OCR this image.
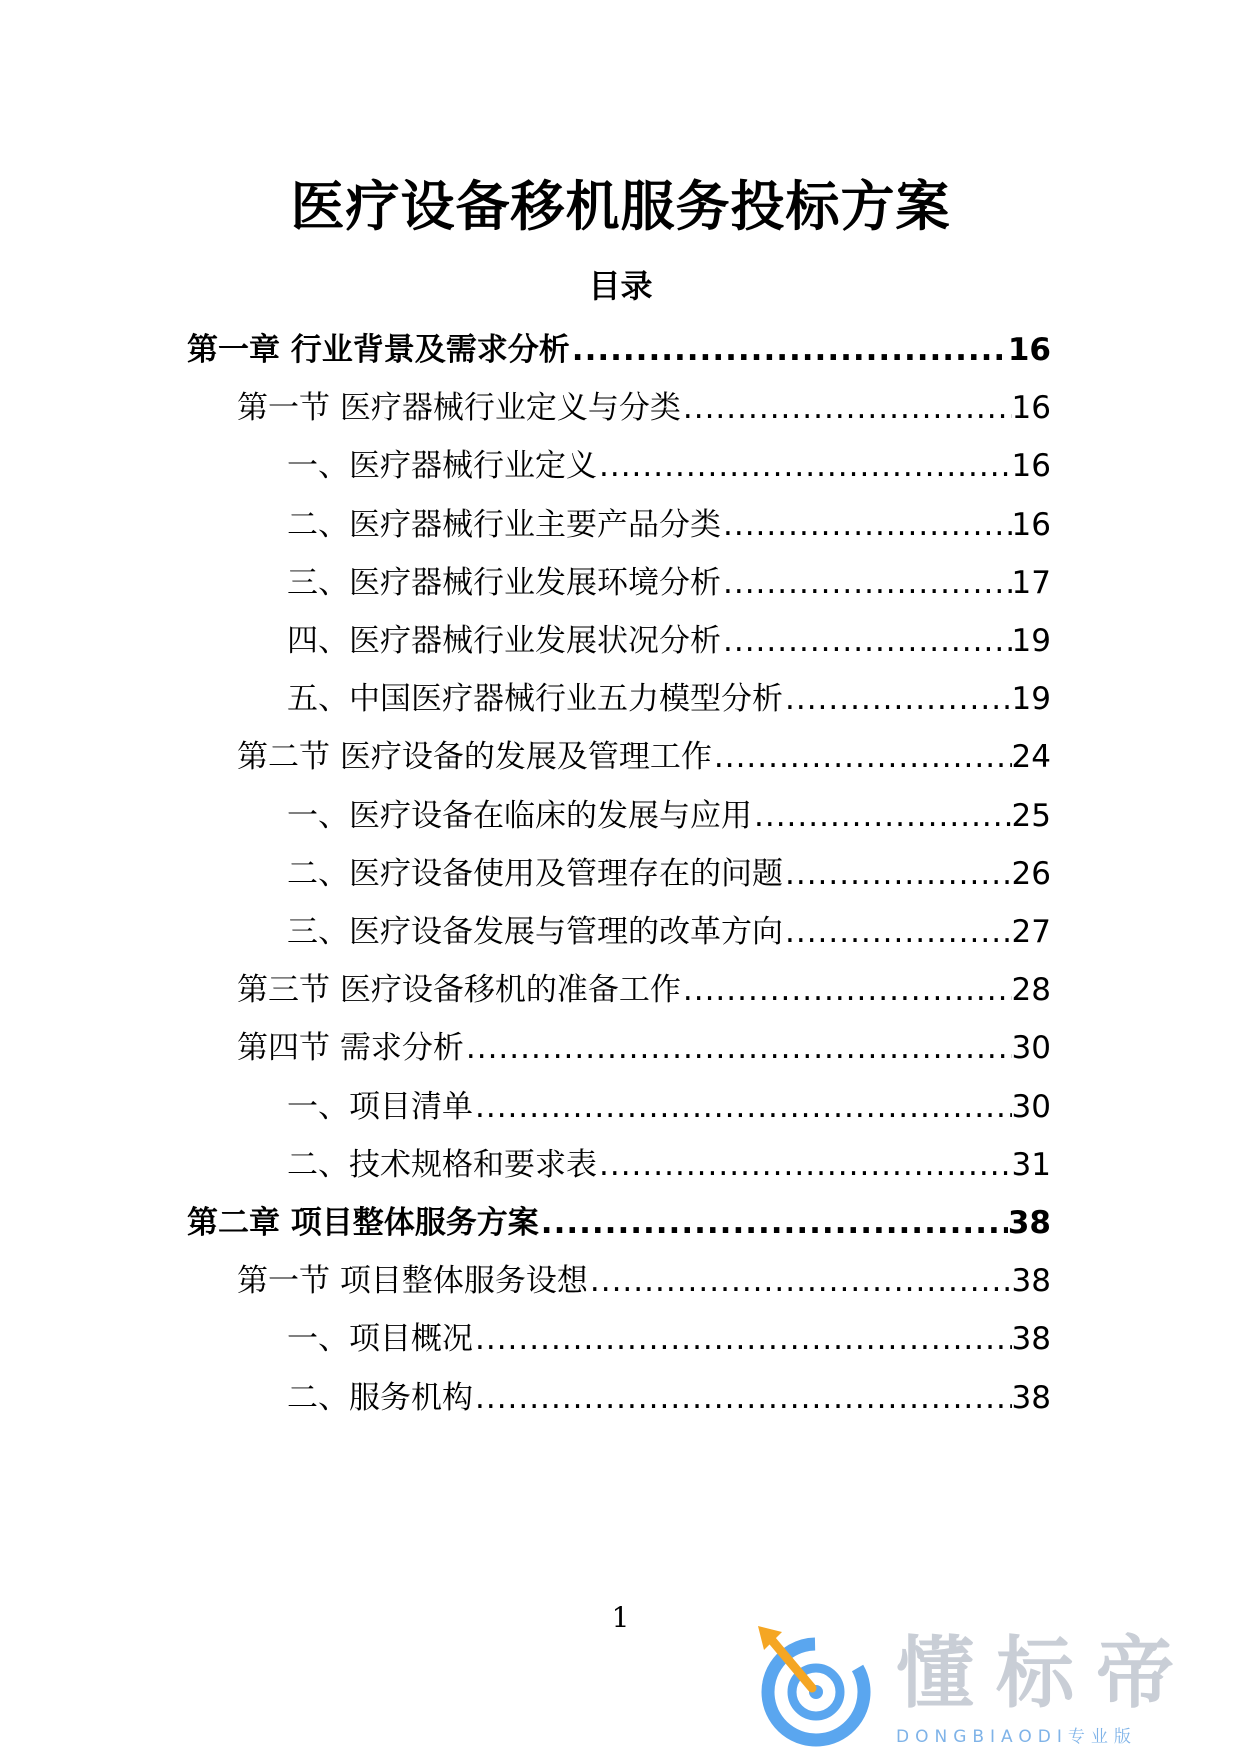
医疗设备移机服务投标方案
目录
第一章 行业背景及需求分析 .....	16
第一节 医疗器械行业定义与分类 .....	16
一、医疗器械行业定义 .....	16
二、医疗器械行业主要产品分类 .....	16
三、医疗器械行业发展环境分析 .....	17
四、医疗器械行业发展状况分析 .....	19
五、中国医疗器械行业五力模型分析 .....	19
第二节 医疗设备的发展及管理工作 .....	24
一、医疗设备在临床的发展与应用 .....	25
二、医疗设备使用及管理存在的问题 .....	26
三、医疗设备发展与管理的改革方向 .....	27
第三节 医疗设备移机的准备工作 .....	28
第四节 需求分析 .....	30
一、项目清单 .....	30
二、技术规格和要求表 .....	31
第二章 项目整体服务方案 .....	38
第一节 项目整体服务设想 .....	38
一、项目概况 .....	38
二、服务机构 .....	38
1
懂标帝
DONGBIAODI专业版
